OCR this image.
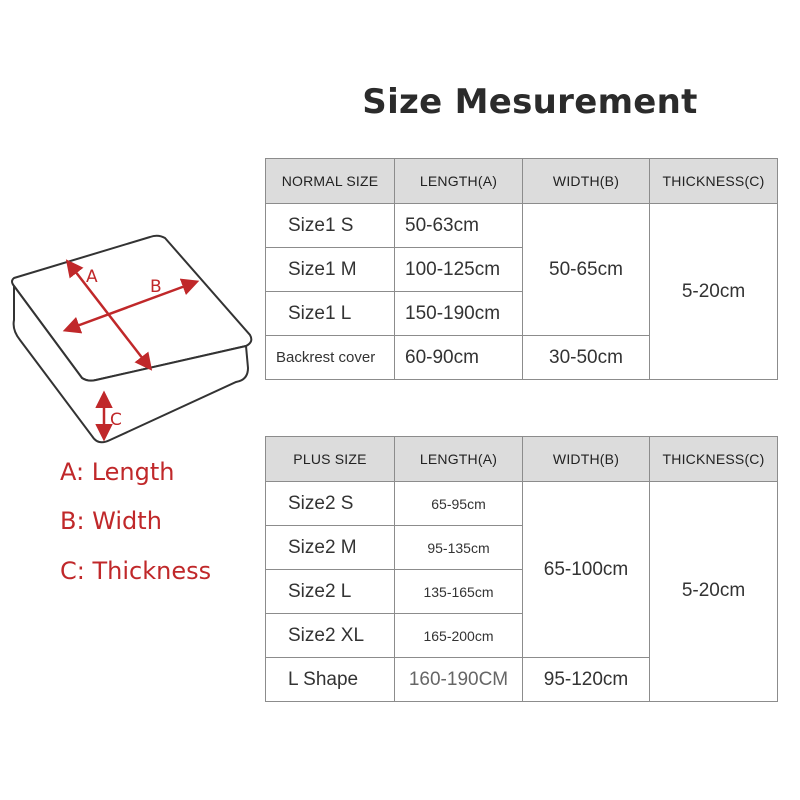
Size Mesurement
A	B
C
A: Length
B: Width
C: Thickness
NORMAL SIZE	LENGTH(A)	WIDTH(B)	THICKNESS(C)
Size1 S	50-63cm	50-65cm	5-20cm
Size1 M	100-125cm		
Size1 L	150-190cm		
Backrest cover	60-90cm	30-50cm	
PLUS SIZE	LENGTH(A)	WIDTH(B)	THICKNESS(C)
Size2 S	65-95cm	65-100cm	5-20cm
Size2 M	95-135cm		
Size2 L	135-165cm		
Size2 XL	165-200cm		
L Shape	160-190CM	95-120cm	
